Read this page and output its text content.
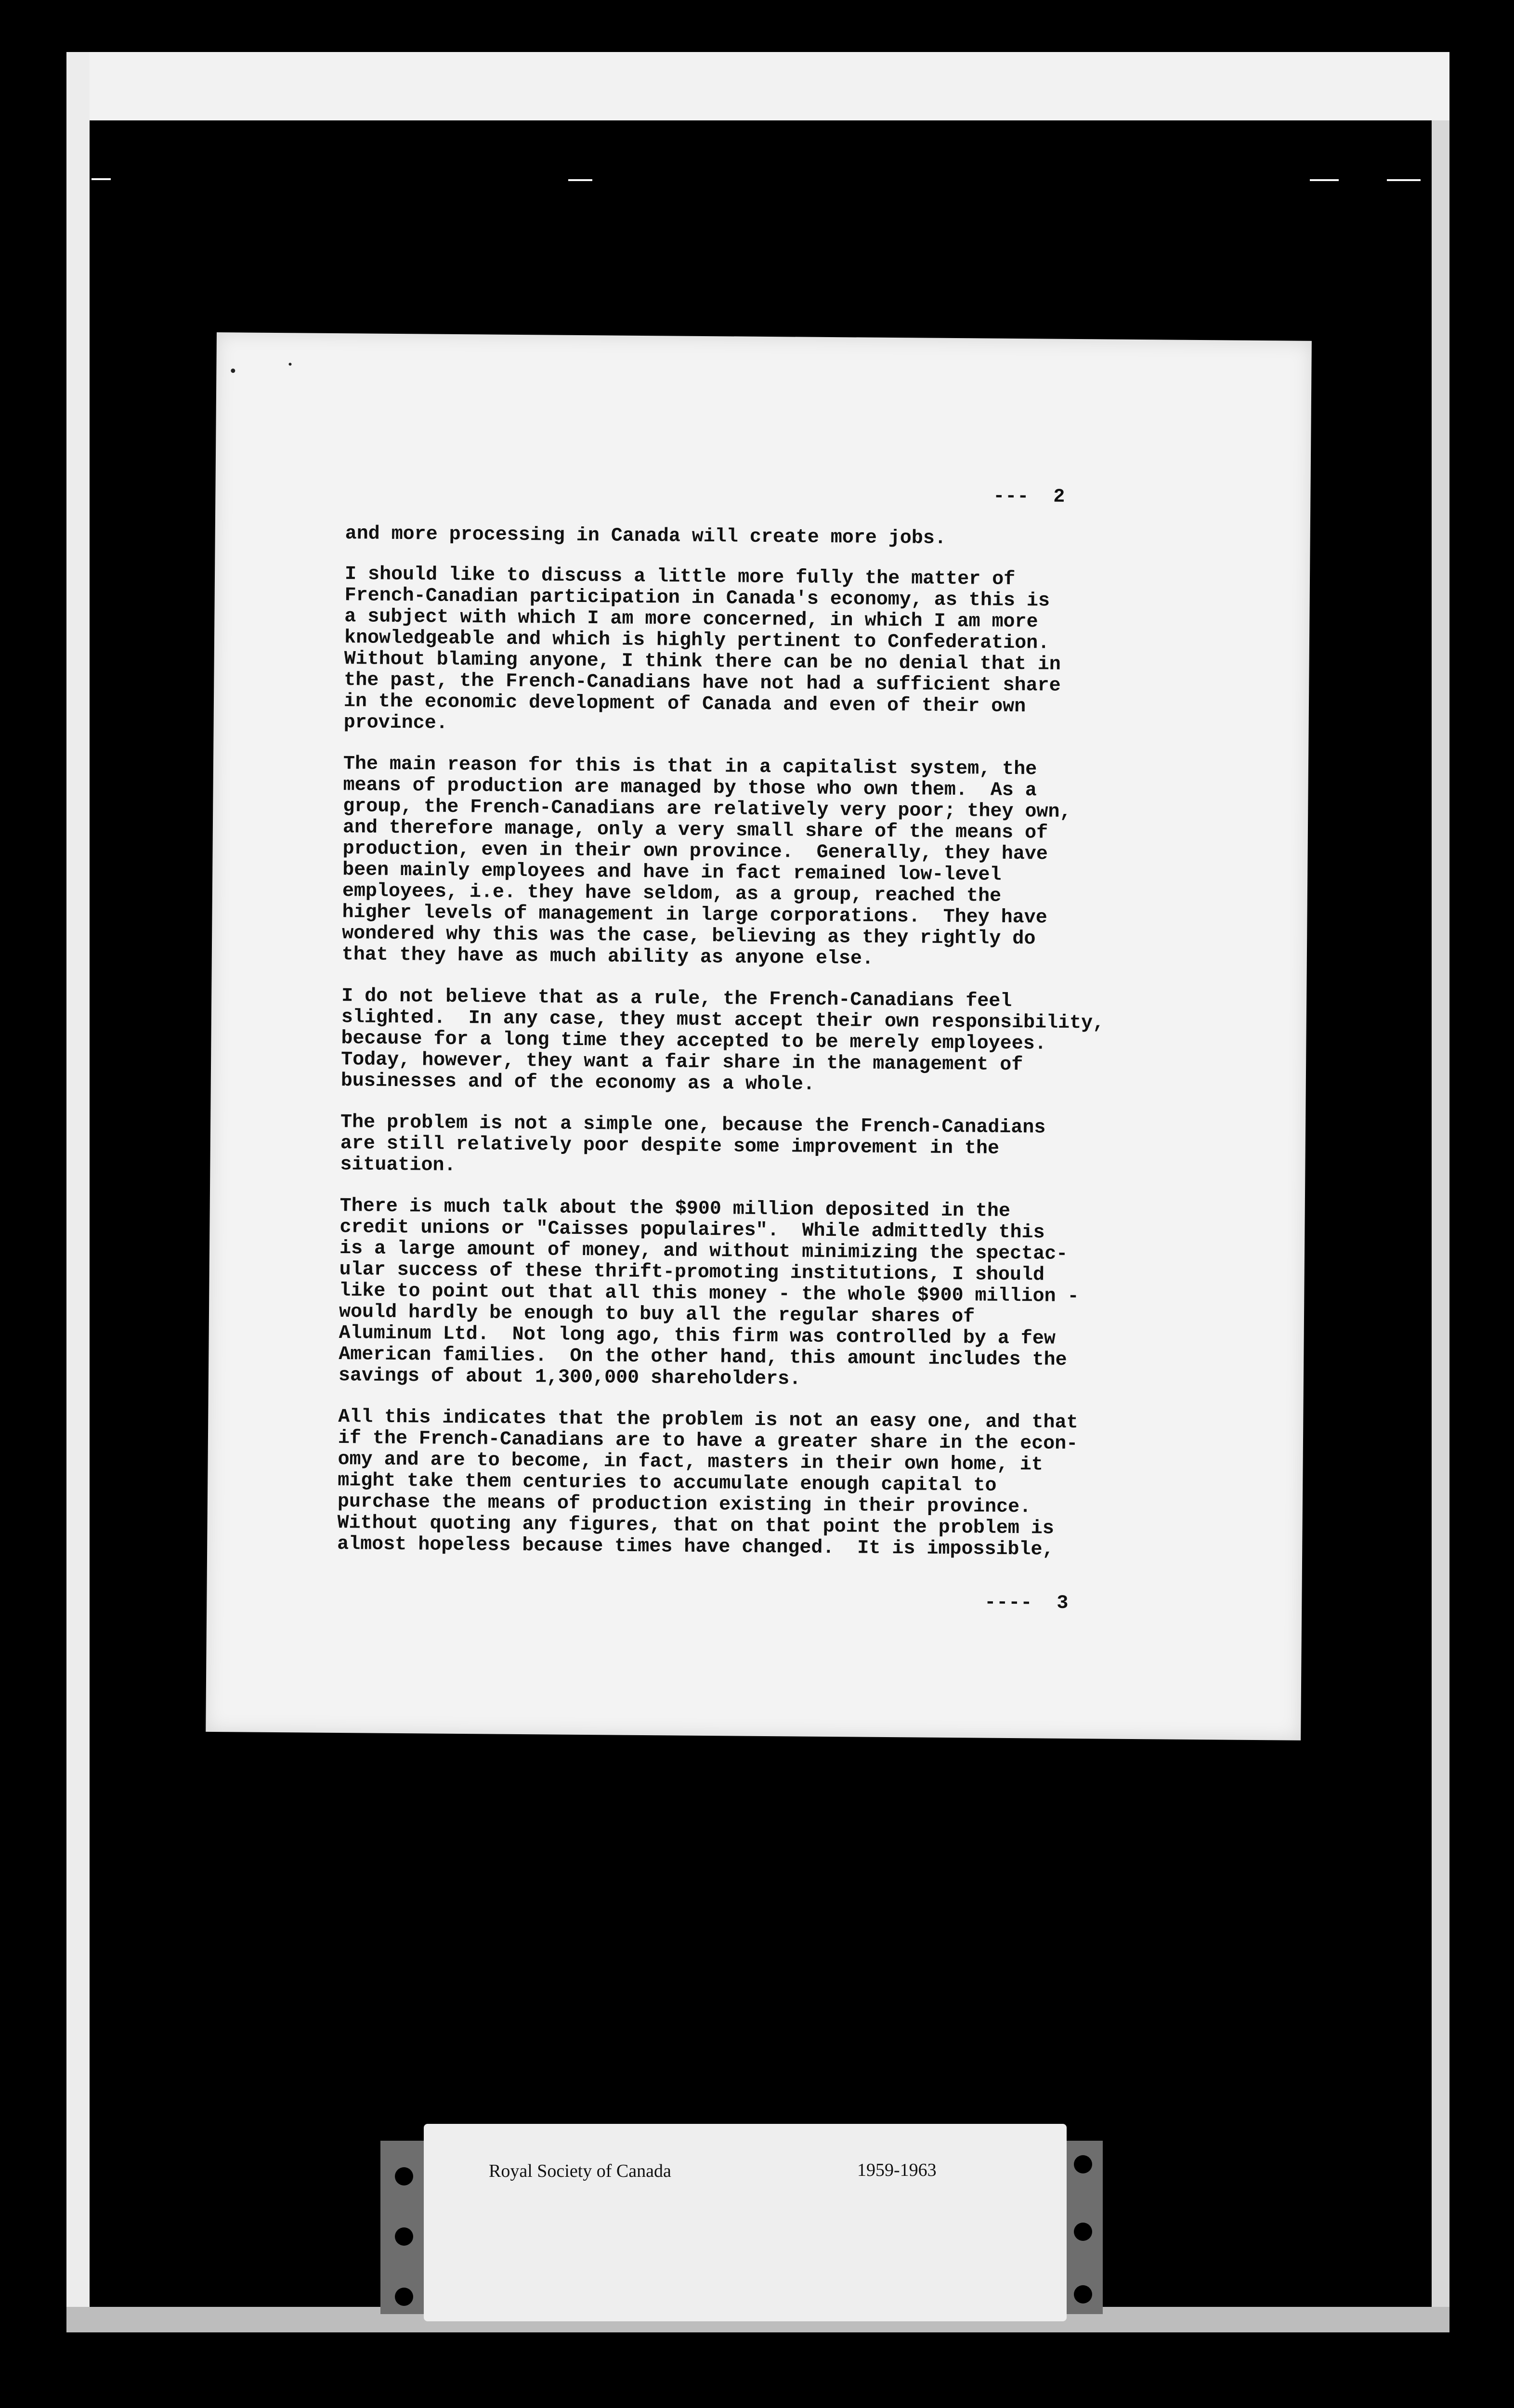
---  2

and more processing in Canada will create more jobs.

I should like to discuss a little more fully the matter of
French-Canadian participation in Canada's economy, as this is
a subject with which I am more concerned, in which I am more
knowledgeable and which is highly pertinent to Confederation.
Without blaming anyone, I think there can be no denial that in
the past, the French-Canadians have not had a sufficient share
in the economic development of Canada and even of their own
province.

The main reason for this is that in a capitalist system, the
means of production are managed by those who own them.  As a
group, the French-Canadians are relatively very poor; they own,
and therefore manage, only a very small share of the means of
production, even in their own province.  Generally, they have
been mainly employees and have in fact remained low-level
employees, i.e. they have seldom, as a group, reached the
higher levels of management in large corporations.  They have
wondered why this was the case, believing as they rightly do
that they have as much ability as anyone else.

I do not believe that as a rule, the French-Canadians feel
slighted.  In any case, they must accept their own responsibility,
because for a long time they accepted to be merely employees.
Today, however, they want a fair share in the management of
businesses and of the economy as a whole.

The problem is not a simple one, because the French-Canadians
are still relatively poor despite some improvement in the
situation.

There is much talk about the $900 million deposited in the
credit unions or "Caisses populaires".  While admittedly this
is a large amount of money, and without minimizing the spectac-
ular success of these thrift-promoting institutions, I should
like to point out that all this money - the whole $900 million -
would hardly be enough to buy all the regular shares of
Aluminum Ltd.  Not long ago, this firm was controlled by a few
American families.  On the other hand, this amount includes the
savings of about 1,300,000 shareholders.

All this indicates that the problem is not an easy one, and that
if the French-Canadians are to have a greater share in the econ-
omy and are to become, in fact, masters in their own home, it
might take them centuries to accumulate enough capital to
purchase the means of production existing in their province.
Without quoting any figures, that on that point the problem is
almost hopeless because times have changed.  It is impossible,

----  3
Royal Society of Canada	1959-1963
